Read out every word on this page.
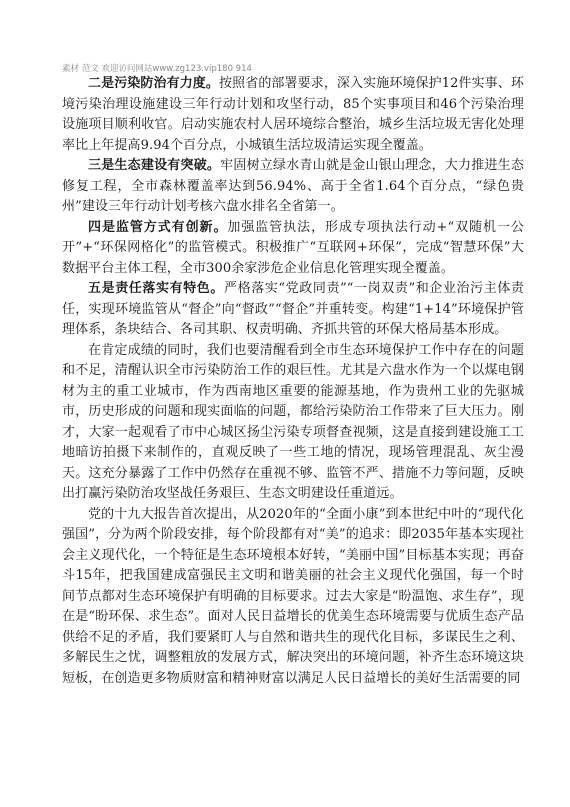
素材 范文 欢迎访问网站www.zg123.vip180 914

二是污染防治有力度。按照省的部署要求，深入实施环境保护12件实事、环境污染治理设施建设三年行动计划和攻坚行动，85个实事项目和46个污染治理设施项目顺利收官。启动实施农村人居环境综合整治，城乡生活垃圾无害化处理率比上年提高9.94个百分点，小城镇生活垃圾清运实现全覆盖。

三是生态建设有突破。牢固树立绿水青山就是金山银山理念，大力推进生态修复工程，全市森林覆盖率达到56.94%、高于全省1.64个百分点，“绿色贵州”建设三年行动计划考核六盘水排名全省第一。

四是监管方式有创新。加强监管执法，形成专项执法行动+“双随机一公开”+“环保网格化”的监管模式。积极推广“互联网+环保”，完成“智慧环保”大数据平台主体工程，全市300余家涉危企业信息化管理实现全覆盖。

五是责任落实有特色。严格落实“党政同责”“一岗双责”和企业治污主体责任，实现环境监管从“督企”向“督政”“督企”并重转变。构建“1+14”环境保护管理体系，条块结合、各司其职、权责明确、齐抓共管的环保大格局基本形成。

在肯定成绩的同时，我们也要清醒看到全市生态环境保护工作中存在的问题和不足，清醒认识全市污染防治工作的艰巨性。尤其是六盘水作为一个以煤电钢材为主的重工业城市，作为西南地区重要的能源基地，作为贵州工业的先驱城市，历史形成的问题和现实面临的问题，都给污染防治工作带来了巨大压力。刚才，大家一起观看了市中心城区扬尘污染专项督查视频，这是直接到建设施工工地暗访拍摄下来制作的，直观反映了一些工地的情况，现场管理混乱、灰尘漫天。这充分暴露了工作中仍然存在重视不够、监管不严、措施不力等问题，反映出打赢污染防治攻坚战任务艰巨、生态文明建设任重道远。

党的十九大报告首次提出，从2020年的“全面小康”到本世纪中叶的“现代化强国”，分为两个阶段安排，每个阶段都有对“美”的追求：即2035年基本实现社会主义现代化，一个特征是生态环境根本好转，“美丽中国”目标基本实现；再奋斗15年，把我国建成富强民主文明和谐美丽的社会主义现代化强国，每一个时间节点都对生态环境保护有明确的目标要求。过去大家是“盼温饱、求生存”，现在是“盼环保、求生态”。面对人民日益增长的优美生态环境需要与优质生态产品供给不足的矛盾，我们要紧盯人与自然和谐共生的现代化目标，多谋民生之利、多解民生之忧，调整粗放的发展方式，解决突出的环境问题，补齐生态环境这块短板，在创造更多物质财富和精神财富以满足人民日益增长的美好生活需要的同
